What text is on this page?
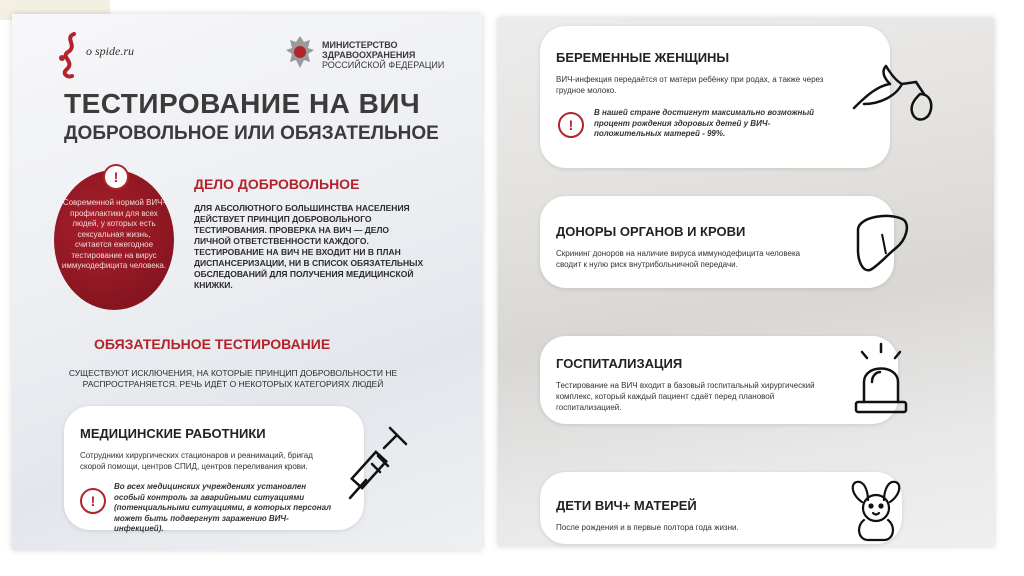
o spide.ru	МИНИСТЕРСТВО
ЗДРАВООХРАНЕНИЯ
РОССИЙСКОЙ ФЕДЕРАЦИИ
ТЕСТИРОВАНИЕ НА ВИЧ
ДОБРОВОЛЬНОЕ ИЛИ ОБЯЗАТЕЛЬНОЕ
!
Современной нормой ВИЧ-профилактики для всех людей, у которых есть сексуальная жизнь, считается ежегодное тестирование на вирус иммунодефицита человека.
ДЕЛО ДОБРОВОЛЬНОЕ
ДЛЯ АБСОЛЮТНОГО БОЛЬШИНСТВА НАСЕЛЕНИЯ ДЕЙСТВУЕТ ПРИНЦИП ДОБРОВОЛЬНОГО ТЕСТИРОВАНИЯ. ПРОВЕРКА НА ВИЧ — ДЕЛО ЛИЧНОЙ ОТВЕТСТВЕННОСТИ КАЖДОГО. ТЕСТИРОВАНИЕ НА ВИЧ НЕ ВХОДИТ НИ В ПЛАН ДИСПАНСЕРИЗАЦИИ, НИ В СПИСОК ОБЯЗАТЕЛЬНЫХ ОБСЛЕДОВАНИЙ ДЛЯ ПОЛУЧЕНИЯ МЕДИЦИНСКОЙ КНИЖКИ.
ОБЯЗАТЕЛЬНОЕ ТЕСТИРОВАНИЕ
СУЩЕСТВУЮТ ИСКЛЮЧЕНИЯ, НА КОТОРЫЕ ПРИНЦИП ДОБРОВОЛЬНОСТИ НЕ РАСПРОСТРАНЯЕТСЯ. РЕЧЬ ИДЁТ О НЕКОТОРЫХ КАТЕГОРИЯХ ЛЮДЕЙ
МЕДИЦИНСКИЕ РАБОТНИКИ
Сотрудники хирургических стационаров и реанимаций, бригад скорой помощи, центров СПИД, центров переливания крови.
!
Во всех медицинских учреждениях установлен особый контроль за аварийными ситуациями (потенциальными ситуациями, в которых персонал может быть подвергнут заражению ВИЧ-инфекцией).
БЕРЕМЕННЫЕ ЖЕНЩИНЫ
ВИЧ-инфекция передаётся от матери ребёнку при родах, а также через грудное молоко.
!
В нашей стране достигнут максимально возможный процент рождения здоровых детей у ВИЧ-положительных матерей - 99%.
ДОНОРЫ ОРГАНОВ И КРОВИ
Скрининг доноров на наличие вируса иммунодефицита человека сводит к нулю риск внутрибольничной передачи.
ГОСПИТАЛИЗАЦИЯ
Тестирование на ВИЧ входит в базовый госпитальный хирургический комплекс, который каждый пациент сдаёт перед плановой госпитализацией.
ДЕТИ ВИЧ+ МАТЕРЕЙ
После рождения и в первые полтора года жизни.
